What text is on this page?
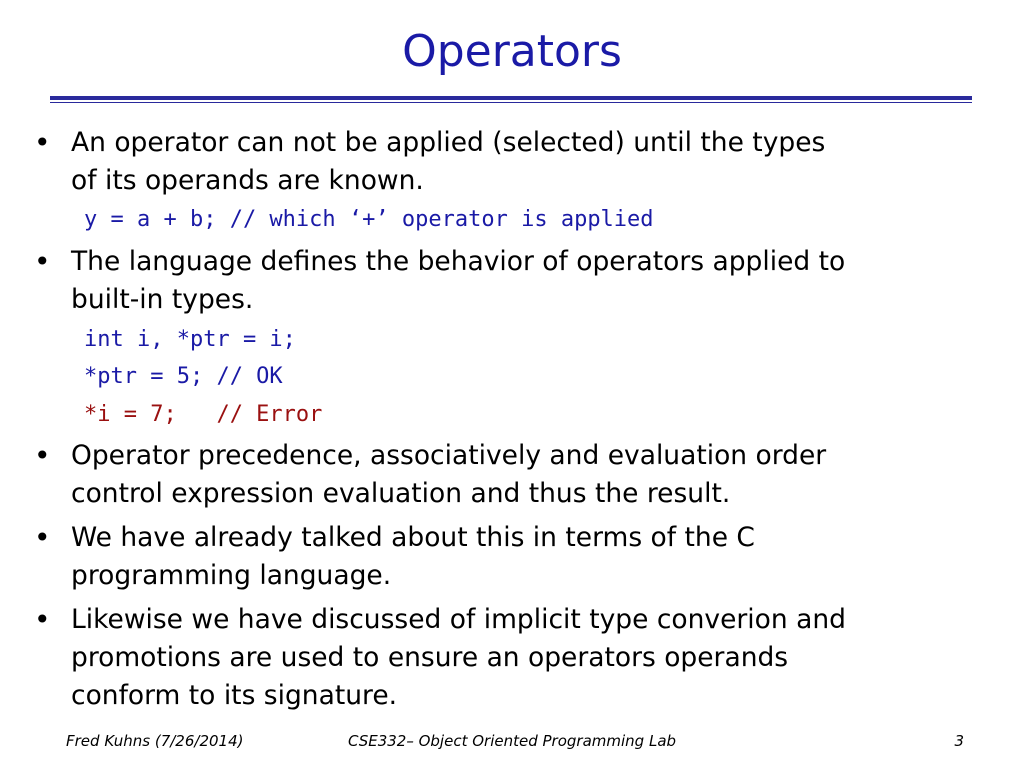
Operators
• An operator can not be applied (selected) until the types
of its operands are known.
y = a + b; // which ‘+’ operator is applied
• The language defines the behavior of operators applied to
built-in types.
int i, *ptr = i;
*ptr = 5; // OK
*i = 7;   // Error
• Operator precedence, associatively and evaluation order
control expression evaluation and thus the result.
• We have already talked about this in terms of the C
programming language.
• Likewise we have discussed of implicit type converion and
promotions are used to ensure an operators operands
conform to its signature.
Fred Kuhns (7/26/2014)	CSE332– Object Oriented Programming Lab	3
